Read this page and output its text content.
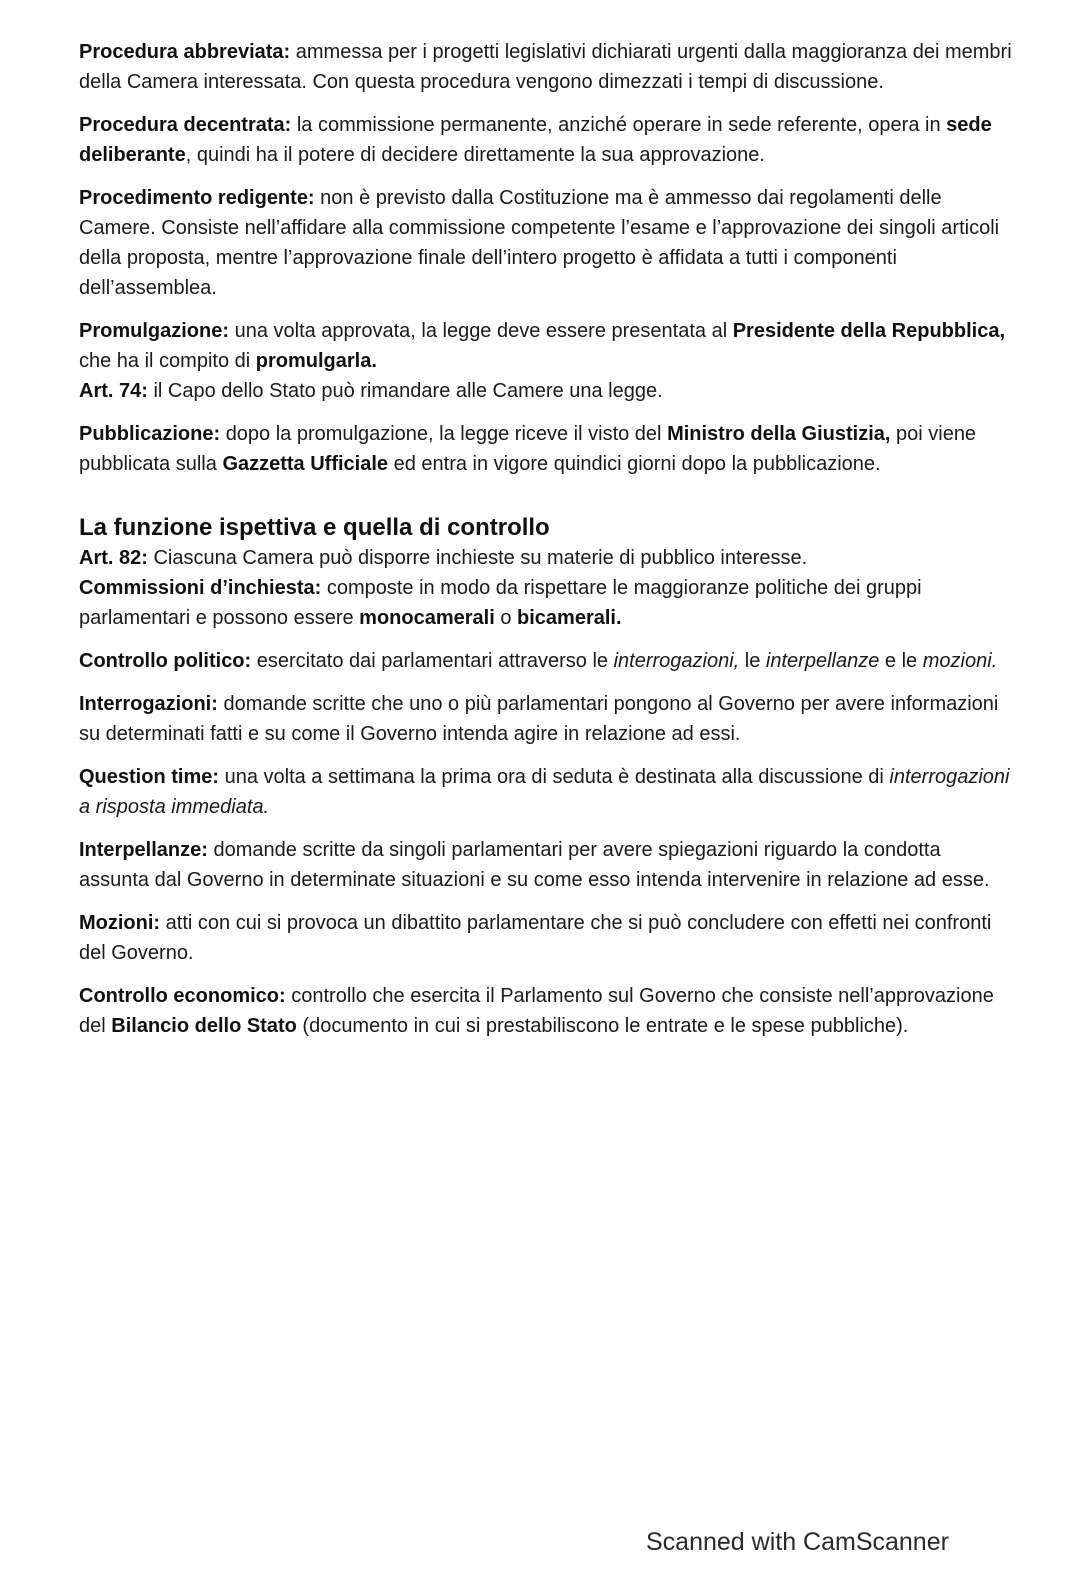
Procedura abbreviata: ammessa per i progetti legislativi dichiarati urgenti dalla maggioranza dei membri della Camera interessata. Con questa procedura vengono dimezzati i tempi di discussione.

Procedura decentrata: la commissione permanente, anziché operare in sede referente, opera in sede deliberante, quindi ha il potere di decidere direttamente la sua approvazione.

Procedimento redigente: non è previsto dalla Costituzione ma è ammesso dai regolamenti delle Camere. Consiste nell’affidare alla commissione competente l’esame e l’approvazione dei singoli articoli della proposta, mentre l’approvazione finale dell’intero progetto è affidata a tutti i componenti dell’assemblea.

Promulgazione: una volta approvata, la legge deve essere presentata al Presidente della Repubblica, che ha il compito di promulgarla.
Art. 74: il Capo dello Stato può rimandare alle Camere una legge.

Pubblicazione: dopo la promulgazione, la legge riceve il visto del Ministro della Giustizia, poi viene pubblicata sulla Gazzetta Ufficiale ed entra in vigore quindici giorni dopo la pubblicazione.

La funzione ispettiva e quella di controllo

Art. 82: Ciascuna Camera può disporre inchieste su materie di pubblico interesse.
Commissioni d’inchiesta: composte in modo da rispettare le maggioranze politiche dei gruppi parlamentari e possono essere monocamerali o bicamerali.

Controllo politico: esercitato dai parlamentari attraverso le interrogazioni, le interpellanze e le mozioni.

Interrogazioni: domande scritte che uno o più parlamentari pongono al Governo per avere informazioni su determinati fatti e su come il Governo intenda agire in relazione ad essi.

Question time: una volta a settimana la prima ora di seduta è destinata alla discussione di interrogazioni a risposta immediata.

Interpellanze: domande scritte da singoli parlamentari per avere spiegazioni riguardo la condotta assunta dal Governo in determinate situazioni e su come esso intenda intervenire in relazione ad esse.

Mozioni: atti con cui si provoca un dibattito parlamentare che si può concludere con effetti nei confronti del Governo.

Controllo economico: controllo che esercita il Parlamento sul Governo che consiste nell’approvazione del Bilancio dello Stato (documento in cui si prestabiliscono le entrate e le spese pubbliche).

Scanned with CamScanner
